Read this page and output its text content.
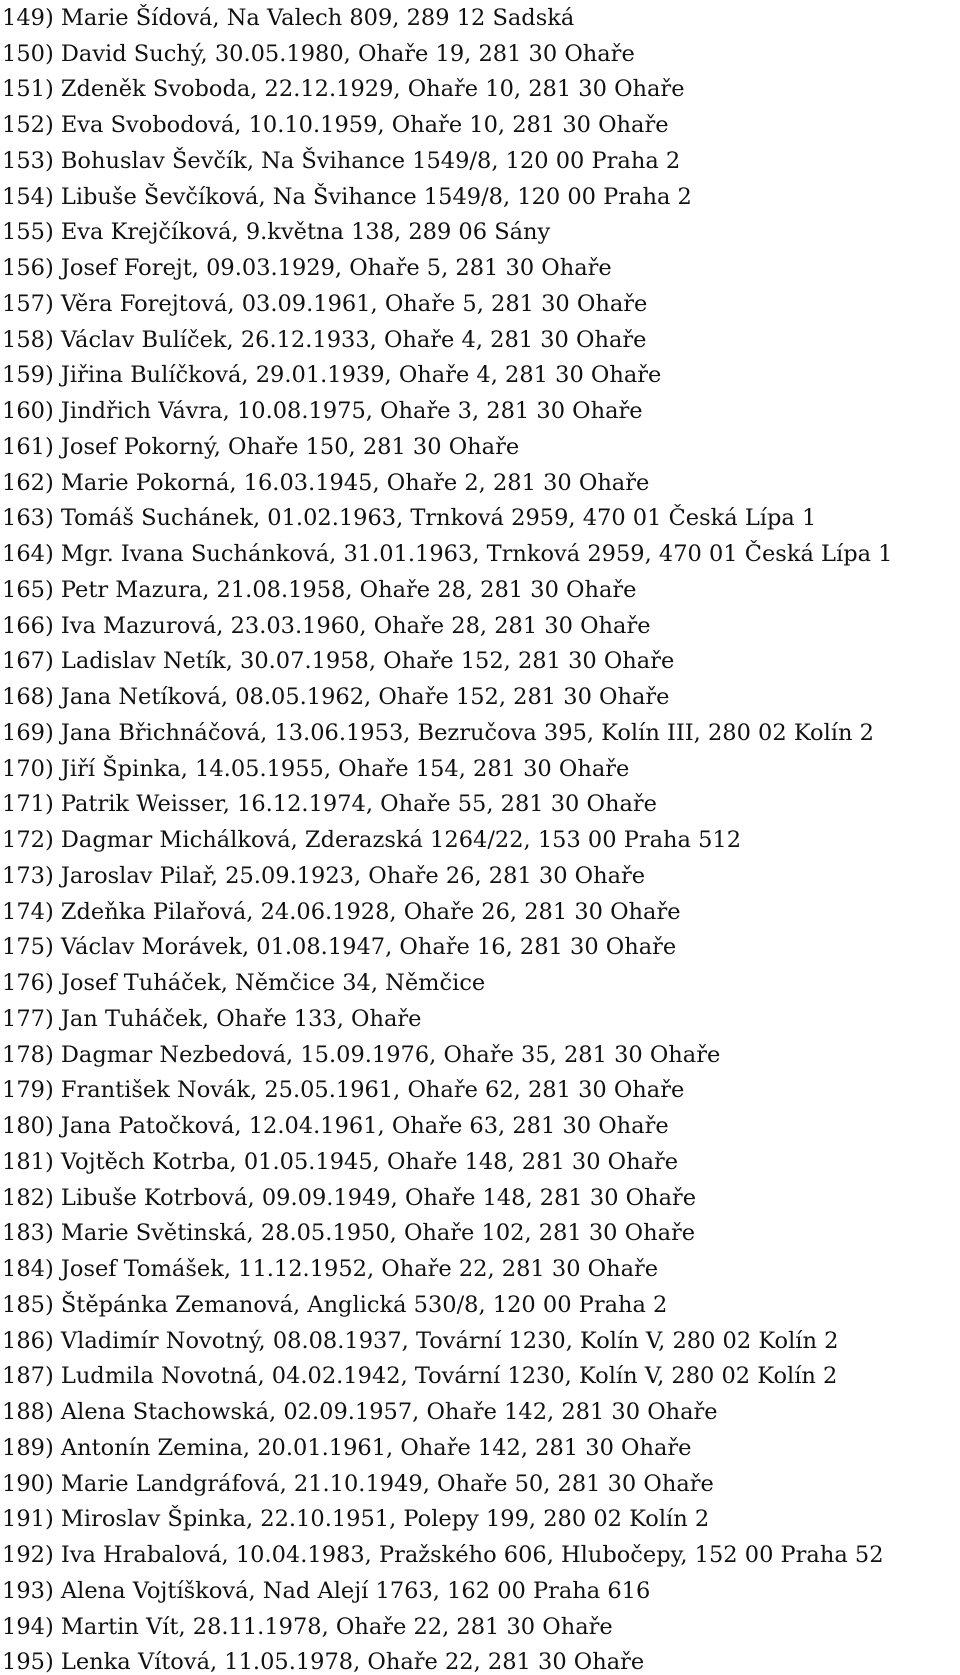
149) Marie Šídová, Na Valech 809, 289 12 Sadská
150) David Suchý, 30.05.1980, Ohaře 19, 281 30 Ohaře
151) Zdeněk Svoboda, 22.12.1929, Ohaře 10, 281 30 Ohaře
152) Eva Svobodová, 10.10.1959, Ohaře 10, 281 30 Ohaře
153) Bohuslav Ševčík, Na Švihance 1549/8, 120 00 Praha 2
154) Libuše Ševčíková, Na Švihance 1549/8, 120 00 Praha 2
155) Eva Krejčíková, 9.května 138, 289 06 Sány
156) Josef Forejt, 09.03.1929, Ohaře 5, 281 30 Ohaře
157) Věra Forejtová, 03.09.1961, Ohaře 5, 281 30 Ohaře
158) Václav Bulíček, 26.12.1933, Ohaře 4, 281 30 Ohaře
159) Jiřina Bulíčková, 29.01.1939, Ohaře 4, 281 30 Ohaře
160) Jindřich Vávra, 10.08.1975, Ohaře 3, 281 30 Ohaře
161) Josef Pokorný, Ohaře 150, 281 30 Ohaře
162) Marie Pokorná, 16.03.1945, Ohaře 2, 281 30 Ohaře
163) Tomáš Suchánek, 01.02.1963, Trnková 2959, 470 01 Česká Lípa 1
164) Mgr. Ivana Suchánková, 31.01.1963, Trnková 2959, 470 01 Česká Lípa 1
165) Petr Mazura, 21.08.1958, Ohaře 28, 281 30 Ohaře
166) Iva Mazurová, 23.03.1960, Ohaře 28, 281 30 Ohaře
167) Ladislav Netík, 30.07.1958, Ohaře 152, 281 30 Ohaře
168) Jana Netíková, 08.05.1962, Ohaře 152, 281 30 Ohaře
169) Jana Břichnáčová, 13.06.1953, Bezručova 395, Kolín III, 280 02 Kolín 2
170) Jiří Špinka, 14.05.1955, Ohaře 154, 281 30 Ohaře
171) Patrik Weisser, 16.12.1974, Ohaře 55, 281 30 Ohaře
172) Dagmar Michálková, Zderazská 1264/22, 153 00 Praha 512
173) Jaroslav Pilař, 25.09.1923, Ohaře 26, 281 30 Ohaře
174) Zdeňka Pilařová, 24.06.1928, Ohaře 26, 281 30 Ohaře
175) Václav Morávek, 01.08.1947, Ohaře 16, 281 30 Ohaře
176) Josef Tuháček, Němčice 34, Němčice
177) Jan Tuháček, Ohaře 133, Ohaře
178) Dagmar Nezbedová, 15.09.1976, Ohaře 35, 281 30 Ohaře
179) František Novák, 25.05.1961, Ohaře 62, 281 30 Ohaře
180) Jana Patočková, 12.04.1961, Ohaře 63, 281 30 Ohaře
181) Vojtěch Kotrba, 01.05.1945, Ohaře 148, 281 30 Ohaře
182) Libuše Kotrbová, 09.09.1949, Ohaře 148, 281 30 Ohaře
183) Marie Světinská, 28.05.1950, Ohaře 102, 281 30 Ohaře
184) Josef Tomášek, 11.12.1952, Ohaře 22, 281 30 Ohaře
185) Štěpánka Zemanová, Anglická 530/8, 120 00 Praha 2
186) Vladimír Novotný, 08.08.1937, Tovární 1230, Kolín V, 280 02 Kolín 2
187) Ludmila Novotná, 04.02.1942, Tovární 1230, Kolín V, 280 02 Kolín 2
188) Alena Stachowská, 02.09.1957, Ohaře 142, 281 30 Ohaře
189) Antonín Zemina, 20.01.1961, Ohaře 142, 281 30 Ohaře
190) Marie Landgráfová, 21.10.1949, Ohaře 50, 281 30 Ohaře
191) Miroslav Špinka, 22.10.1951, Polepy 199, 280 02 Kolín 2
192) Iva Hrabalová, 10.04.1983, Pražského 606, Hlubočepy, 152 00 Praha 52
193) Alena Vojtíšková, Nad Alejí 1763, 162 00 Praha 616
194) Martin Vít, 28.11.1978, Ohaře 22, 281 30 Ohaře
195) Lenka Vítová, 11.05.1978, Ohaře 22, 281 30 Ohaře
